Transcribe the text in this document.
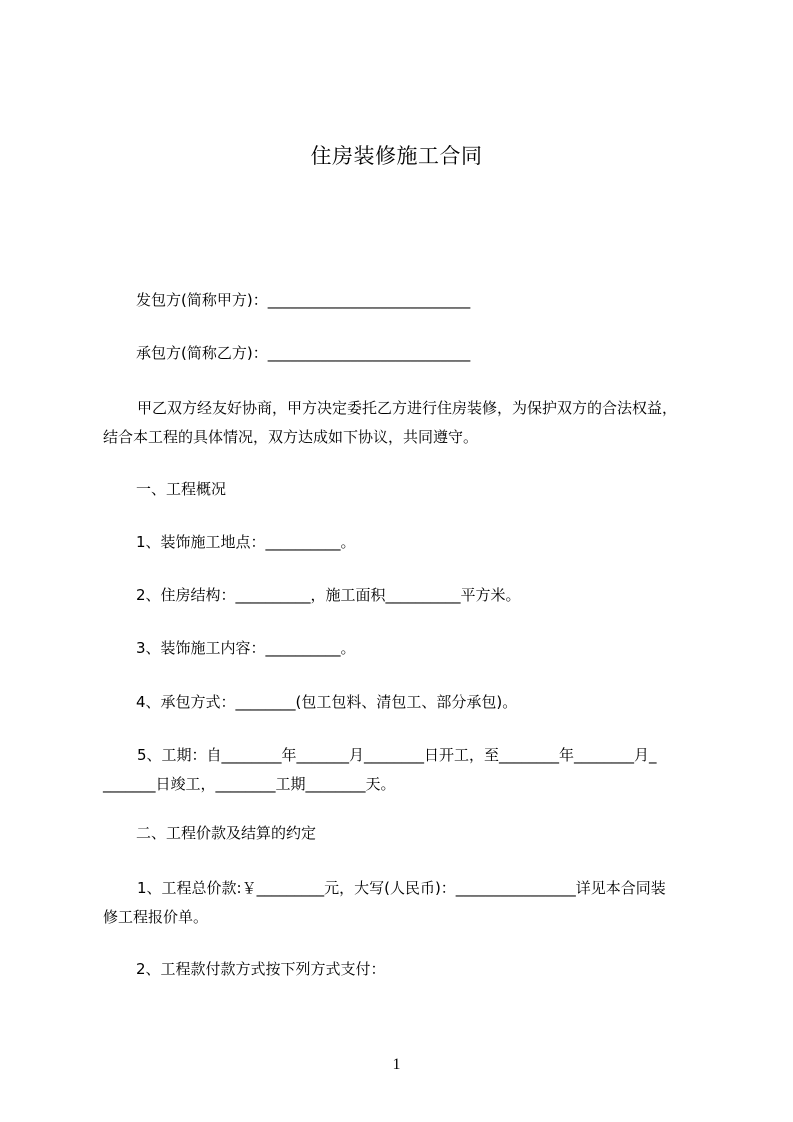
住房装修施工合同
发包方(简称甲方)：___________________________
承包方(简称乙方)：___________________________
甲乙双方经友好协商，甲方决定委托乙方进行住房装修，为保护双方的合法权益，
结合本工程的具体情况，双方达成如下协议，共同遵守。
一、工程概况
1、装饰施工地点：__________。
2、住房结构：__________，施工面积__________平方米。
3、装饰施工内容：__________。
4、承包方式：________(包工包料、清包工、部分承包)。
5、工期：自________年_______月________日开工，至________年________月_
_______日竣工，________工期________天。
二、工程价款及结算的约定
1、工程总价款:￥_________元，大写(人民币)：________________详见本合同装
修工程报价单。
2、工程款付款方式按下列方式支付：
1
